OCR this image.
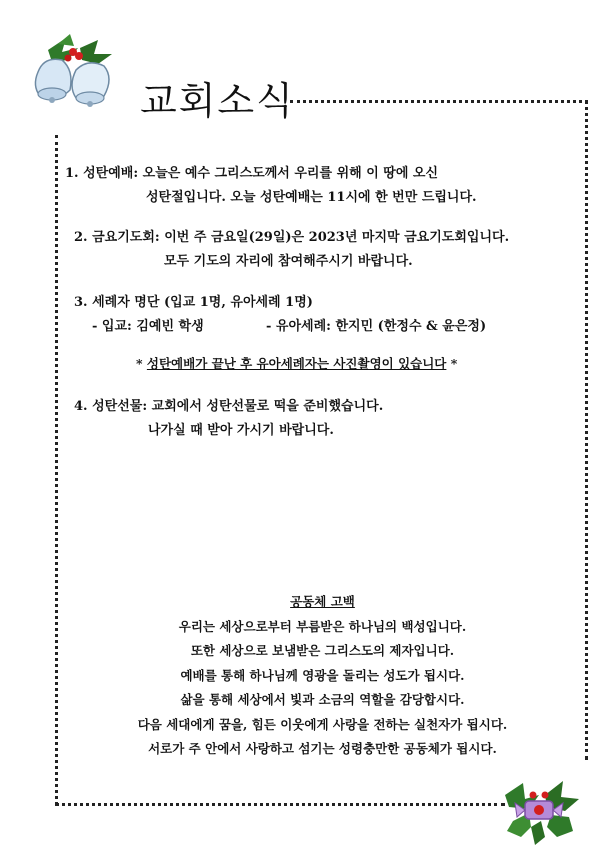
교회소식
1. 성탄예배: 오늘은 예수 그리스도께서 우리를 위해 이 땅에 오신
성탄절입니다. 오늘 성탄예배는 11시에 한 번만 드립니다.
2. 금요기도회: 이번 주 금요일(29일)은 2023년 마지막 금요기도회입니다.
모두 기도의 자리에 참여해주시기 바랍니다.
3. 세례자 명단 (입교 1명, 유아세례 1명)
- 입교: 김예빈 학생	- 유아세례: 한지민 (한정수 & 윤은정)
* 성탄예배가 끝난 후 유아세례자는 사진촬영이 있습니다 *
4. 성탄선물: 교회에서 성탄선물로 떡을 준비했습니다.
나가실 때 받아 가시기 바랍니다.
공동체 고백
우리는 세상으로부터 부름받은 하나님의 백성입니다.
또한 세상으로 보냄받은 그리스도의 제자입니다.
예배를 통해 하나님께 영광을 돌리는 성도가 됩시다.
삶을 통해 세상에서 빛과 소금의 역할을 감당합시다.
다음 세대에게 꿈을, 힘든 이웃에게 사랑을 전하는 실천자가 됩시다.
서로가 주 안에서 사랑하고 섬기는 성령충만한 공동체가 됩시다.
